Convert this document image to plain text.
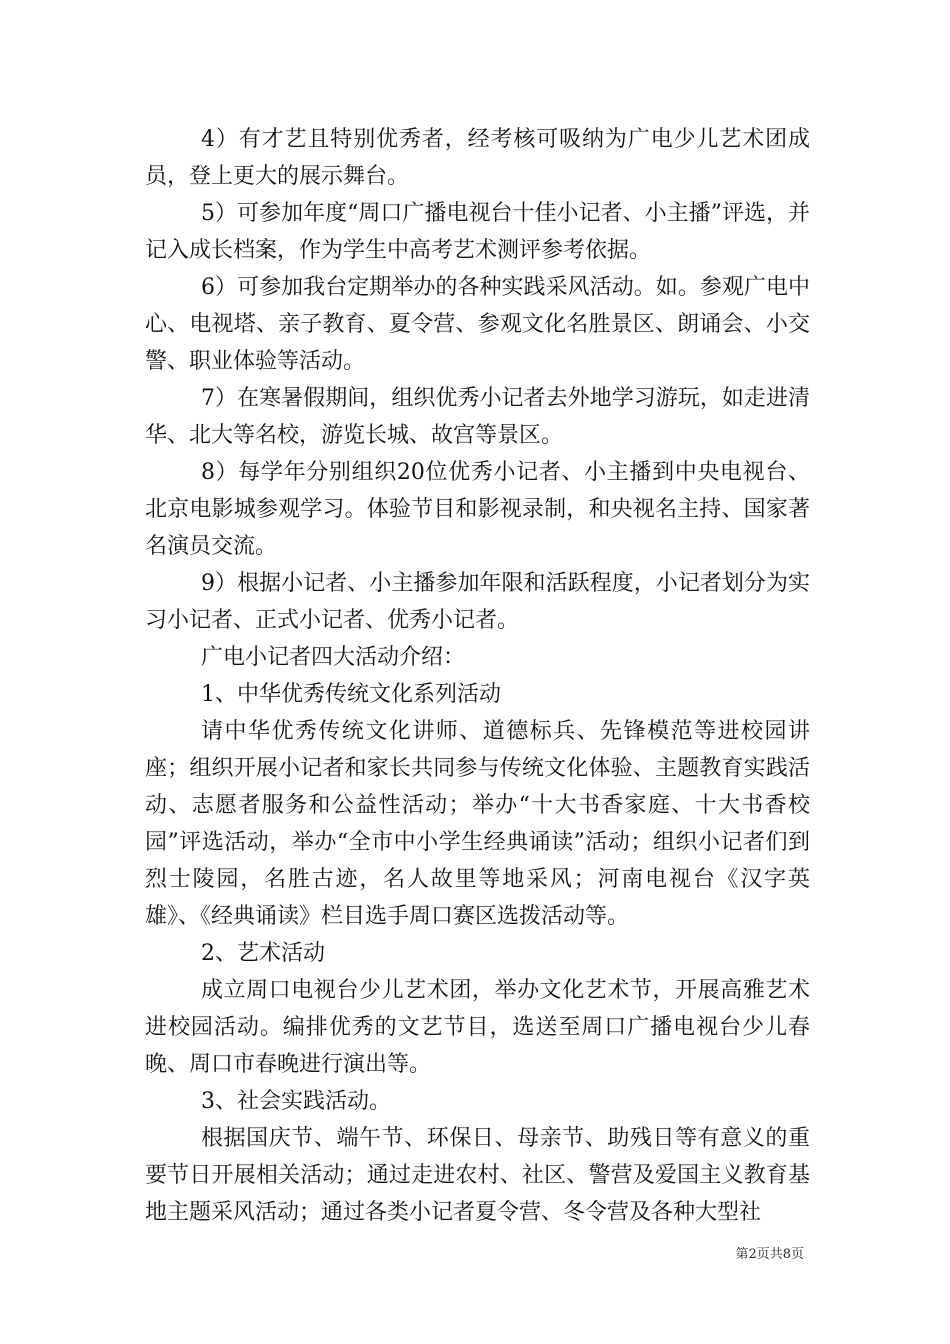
4）有才艺且特别优秀者，经考核可吸纳为广电少儿艺术团成员，登上更大的展示舞台。

5）可参加年度“周口广播电视台十佳小记者、小主播”评选，并记入成长档案，作为学生中高考艺术测评参考依据。

6）可参加我台定期举办的各种实践采风活动。如。参观广电中心、电视塔、亲子教育、夏令营、参观文化名胜景区、朗诵会、小交警、职业体验等活动。

7）在寒暑假期间，组织优秀小记者去外地学习游玩，如走进清华、北大等名校，游览长城、故宫等景区。

8）每学年分别组织20位优秀小记者、小主播到中央电视台、北京电影城参观学习。体验节目和影视录制，和央视名主持、国家著名演员交流。

9）根据小记者、小主播参加年限和活跃程度，小记者划分为实习小记者、正式小记者、优秀小记者。

广电小记者四大活动介绍：

1、中华优秀传统文化系列活动

请中华优秀传统文化讲师、道德标兵、先锋模范等进校园讲座；组织开展小记者和家长共同参与传统文化体验、主题教育实践活动、志愿者服务和公益性活动；举办“十大书香家庭、十大书香校园”评选活动，举办“全市中小学生经典诵读”活动；组织小记者们到烈士陵园，名胜古迹，名人故里等地采风；河南电视台《汉字英雄》、《经典诵读》栏目选手周口赛区选拨活动等。

2、艺术活动

成立周口电视台少儿艺术团，举办文化艺术节，开展高雅艺术进校园活动。编排优秀的文艺节目，选送至周口广播电视台少儿春晚、周口市春晚进行演出等。

3、社会实践活动。

根据国庆节、端午节、环保日、母亲节、助残日等有意义的重要节日开展相关活动；通过走进农村、社区、警营及爱国主义教育基地主题采风活动；通过各类小记者夏令营、冬令营及各种大型社

第2页共8页
